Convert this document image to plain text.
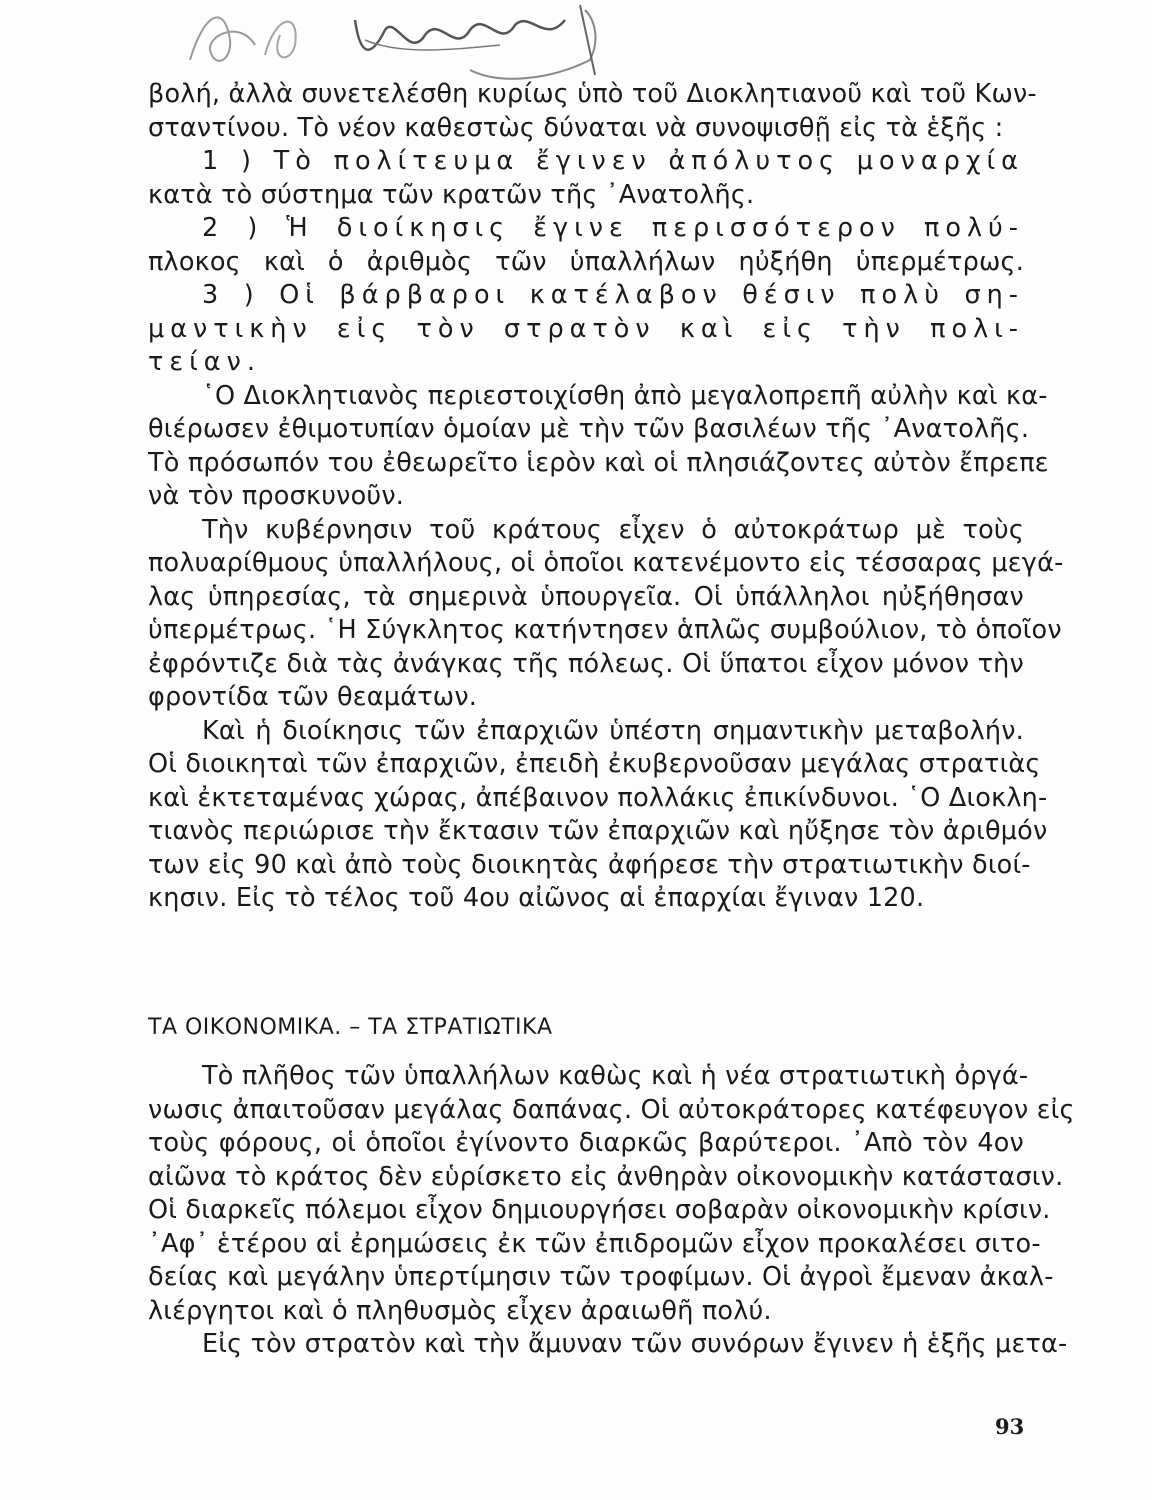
βολή, ἀλλὰ συνετελέσθη κυρίως ὑπὸ τοῦ Διοκλητιανοῦ καὶ τοῦ Κων-
σταντίνου. Τὸ νέον καθεστὼς δύναται νὰ συνοψισθῇ εἰς τὰ ἑξῆς :
1 ) Τὸ πολίτευμα ἔγινεν ἀπόλυτος μοναρχία
κατὰ τὸ σύστημα τῶν κρατῶν τῆς ᾿Ανατολῆς.
2 ) Ἡ διοίκησις ἔγινε περισσότερον πολύ-
πλοκος καὶ ὁ ἀριθμὸς τῶν ὑπαλλήλων ηὐξήθη ὑπερμέτρως.
3 ) Οἱ βάρβαροι κατέλαβον θέσιν πολὺ ση-
μαντικὴν εἰς τὸν στρατὸν καὶ εἰς τὴν πολι-
τείαν.
῾Ο Διοκλητιανὸς περιεστοιχίσθη ἀπὸ μεγαλοπρεπῆ αὐλὴν καὶ κα-
θιέρωσεν ἐθιμοτυπίαν ὁμοίαν μὲ τὴν τῶν βασιλέων τῆς ᾿Ανατολῆς.
Τὸ πρόσωπόν του ἐθεωρεῖτο ἱερὸν καὶ οἱ πλησιάζοντες αὐτὸν ἔπρεπε
νὰ τὸν προσκυνοῦν.
Τὴν κυβέρνησιν τοῦ κράτους εἶχεν ὁ αὐτοκράτωρ μὲ τοὺς
πολυαρίθμους ὑπαλλήλους, οἱ ὁποῖοι κατενέμοντο εἰς τέσσαρας μεγά-
λας ὑπηρεσίας, τὰ σημερινὰ ὑπουργεῖα. Οἱ ὑπάλληλοι ηὐξήθησαν
ὑπερμέτρως. ῾Η Σύγκλητος κατήντησεν ἁπλῶς συμβούλιον, τὸ ὁποῖον
ἐφρόντιζε διὰ τὰς ἀνάγκας τῆς πόλεως. Οἱ ὕπατοι εἶχον μόνον τὴν
φροντίδα τῶν θεαμάτων.
Καὶ ἡ διοίκησις τῶν ἐπαρχιῶν ὑπέστη σημαντικὴν μεταβολήν.
Οἱ διοικηταὶ τῶν ἐπαρχιῶν, ἐπειδὴ ἐκυβερνοῦσαν μεγάλας στρατιὰς
καὶ ἐκτεταμένας χώρας, ἀπέβαινον πολλάκις ἐπικίνδυνοι. ῾Ο Διοκλη-
τιανὸς περιώρισε τὴν ἔκτασιν τῶν ἐπαρχιῶν καὶ ηὔξησε τὸν ἀριθμόν
των εἰς 90 καὶ ἀπὸ τοὺς διοικητὰς ἀφήρεσε τὴν στρατιωτικὴν διοί-
κησιν. Εἰς τὸ τέλος τοῦ 4ου αἰῶνος αἱ ἐπαρχίαι ἔγιναν 120.
ΤΑ ΟΙΚΟΝΟΜΙΚΑ. – ΤΑ ΣΤΡΑΤΙΩΤΙΚΑ
Τὸ πλῆθος τῶν ὑπαλλήλων καθὼς καὶ ἡ νέα στρατιωτικὴ ὀργά-
νωσις ἀπαιτοῦσαν μεγάλας δαπάνας. Οἱ αὐτοκράτορες κατέφευγον εἰς
τοὺς φόρους, οἱ ὁποῖοι ἐγίνοντο διαρκῶς βαρύτεροι. ᾿Απὸ τὸν 4ον
αἰῶνα τὸ κράτος δὲν εὑρίσκετο εἰς ἀνθηρὰν οἰκονομικὴν κατάστασιν.
Οἱ διαρκεῖς πόλεμοι εἶχον δημιουργήσει σοβαρὰν οἰκονομικὴν κρίσιν.
᾿Αφ᾿ ἑτέρου αἱ ἐρημώσεις ἐκ τῶν ἐπιδρομῶν εἶχον προκαλέσει σιτο-
δείας καὶ μεγάλην ὑπερτίμησιν τῶν τροφίμων. Οἱ ἀγροὶ ἔμεναν ἀκαλ-
λιέργητοι καὶ ὁ πληθυσμὸς εἶχεν ἀραιωθῆ πολύ.
Εἰς τὸν στρατὸν καὶ τὴν ἄμυναν τῶν συνόρων ἔγινεν ἡ ἑξῆς μετα-
93
